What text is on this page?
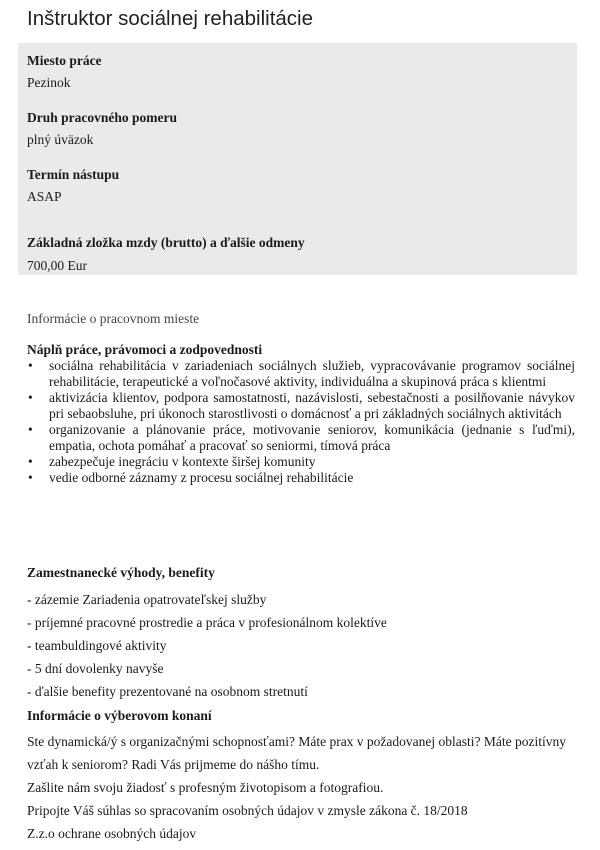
Inštruktor sociálnej rehabilitácie
Miesto práce
Pezinok
Druh pracovného pomeru
plný úväzok
Termín nástupu
ASAP
Základná zložka mzdy (brutto) a ďalšie odmeny
700,00 Eur
Informácie o pracovnom mieste
Náplň práce, právomoci a zodpovednosti
• sociálna rehabilitácia v zariadeniach sociálnych služieb, vypracovávanie programov sociálnej rehabilitácie, terapeutické a voľnočasové aktivity, individuálna a skupinová práca s klientmi
• aktivizácia klientov, podpora samostatnosti, nazávislosti, sebestačnosti a posilňovanie návykov pri sebaobsluhe, pri úkonoch starostlivosti o domácnosť a pri základných sociálnych aktivitách
• organizovanie a plánovanie práce, motivovanie seniorov, komunikácia (jednanie s ľuďmi), empatia, ochota pomáhať a pracovať so seniormi, tímová práca
• zabezpečuje inegráciu v kontexte širšej komunity
• vedie odborné záznamy z procesu sociálnej rehabilitácie
Zamestnanecké výhody, benefity
- zázemie Zariadenia opatrovateľskej služby
- príjemné pracovné prostredie a práca v profesionálnom kolektíve
- teambuldingové aktivity
- 5 dní dovolenky navyše
- ďalšie benefity prezentované na osobnom stretnutí
Informácie o výberovom konaní
Ste dynamická/ý s organizačnými schopnosťami? Máte prax v požadovanej oblasti? Máte pozitívny vzťah k seniorom? Radi Vás prijmeme do nášho tímu.
Zašlite nám svoju žiadosť s profesným životopisom a fotografiou.
Pripojte Váš súhlas so spracovaním osobných údajov v zmysle zákona č. 18/2018
Z.z.o ochrane osobných údajov
